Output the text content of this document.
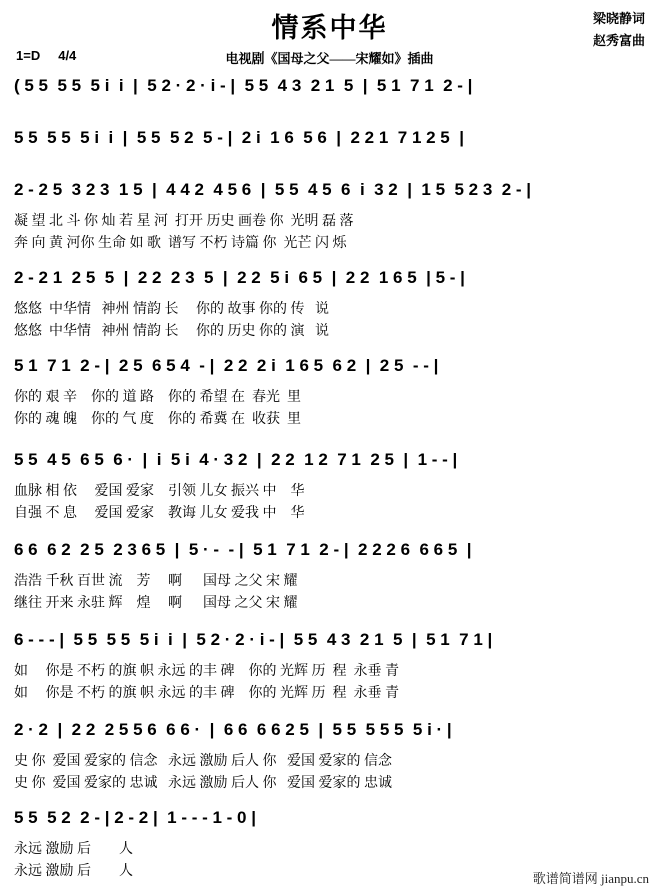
情系中华
电视剧《国母之父——宋耀如》插曲
梁晓静词
赵秀富曲
1=D 4/4
( 5 5  5 5  5 i  i  |  5 2 · 2 · i - |  5 5  4 3  2 1  5  |  5 1  7 1  2 - |
5 5  5 5  5 i  i  |  5 5  5 2  5 - |  2 i  1 6  5 6  |  2 2 1  7 1 2 5  |
2 - 2 5  3 2 3  1 5  |  4 4 2  4 5 6  |  5 5  4 5  6  i  3 2  |  1 5  5 2 3  2 - |
凝 望 北 斗 你 灿 若 星 河  打开 历史 画卷 你  光明 磊 落
奔 向 黄 河你 生命 如 歌  谱写 不朽 诗篇 你  光芒 闪 烁
2 - 2 1  2 5  5  |  2 2  2 3  5  |  2 2  5 i  6 5  |  2 2  1 6 5  | 5 - |
悠悠  中华情   神州 情韵 长     你的 故事 你的 传   说
悠悠  中华情   神州 情韵 长     你的 历史 你的 演   说
5 1  7 1  2 - |  2 5  6 5 4  - |  2 2  2 i  1 6 5  6 2  |  2 5  - - |
你的 艰 辛    你的 道 路    你的 希望 在  春光  里
你的 魂 魄    你的 气 度    你的 希冀 在  收获  里
5 5  4 5  6 5  6 ·  |  i  5 i  4 · 3 2  |  2 2  1 2  7 1  2 5  |  1 - - |
血脉 相 依     爱国 爱家    引领 儿女 振兴 中    华
自强 不 息     爱国 爱家    教诲 儿女 爱我 中    华
6 6  6 2  2 5  2 3 6 5  |  5 · -  - |  5 1  7 1  2 - |  2 2 2 6  6 6 5  |
浩浩 千秋 百世 流    芳     啊      国母 之父 宋 耀
继往 开来 永驻 辉    煌     啊      国母 之父 宋 耀
6 - - - |  5 5  5 5  5 i  i  |  5 2 · 2 · i - |  5 5  4 3  2 1  5  |  5 1  7 1 |
如     你是 不朽 的旗 帜 永远 的丰 碑    你的 光辉 历  程  永垂 青
如     你是 不朽 的旗 帜 永远 的丰 碑    你的 光辉 历  程  永垂 青
2 · 2  |  2 2  2 5 5 6  6 6 ·  |  6 6  6 6 2 5  |  5 5  5 5 5  5 i · |
史 你  爱国 爱家的 信念   永远 激励 后人 你   爱国 爱家的 信念
史 你  爱国 爱家的 忠诚   永远 激励 后人 你   爱国 爱家的 忠诚
5 5  5 2  2 - | 2 - 2 |  1 - - - 1 - 0 |
永远 激励 后        人
永远 激励 后        人	歌谱简谱网 jianpu.cn
